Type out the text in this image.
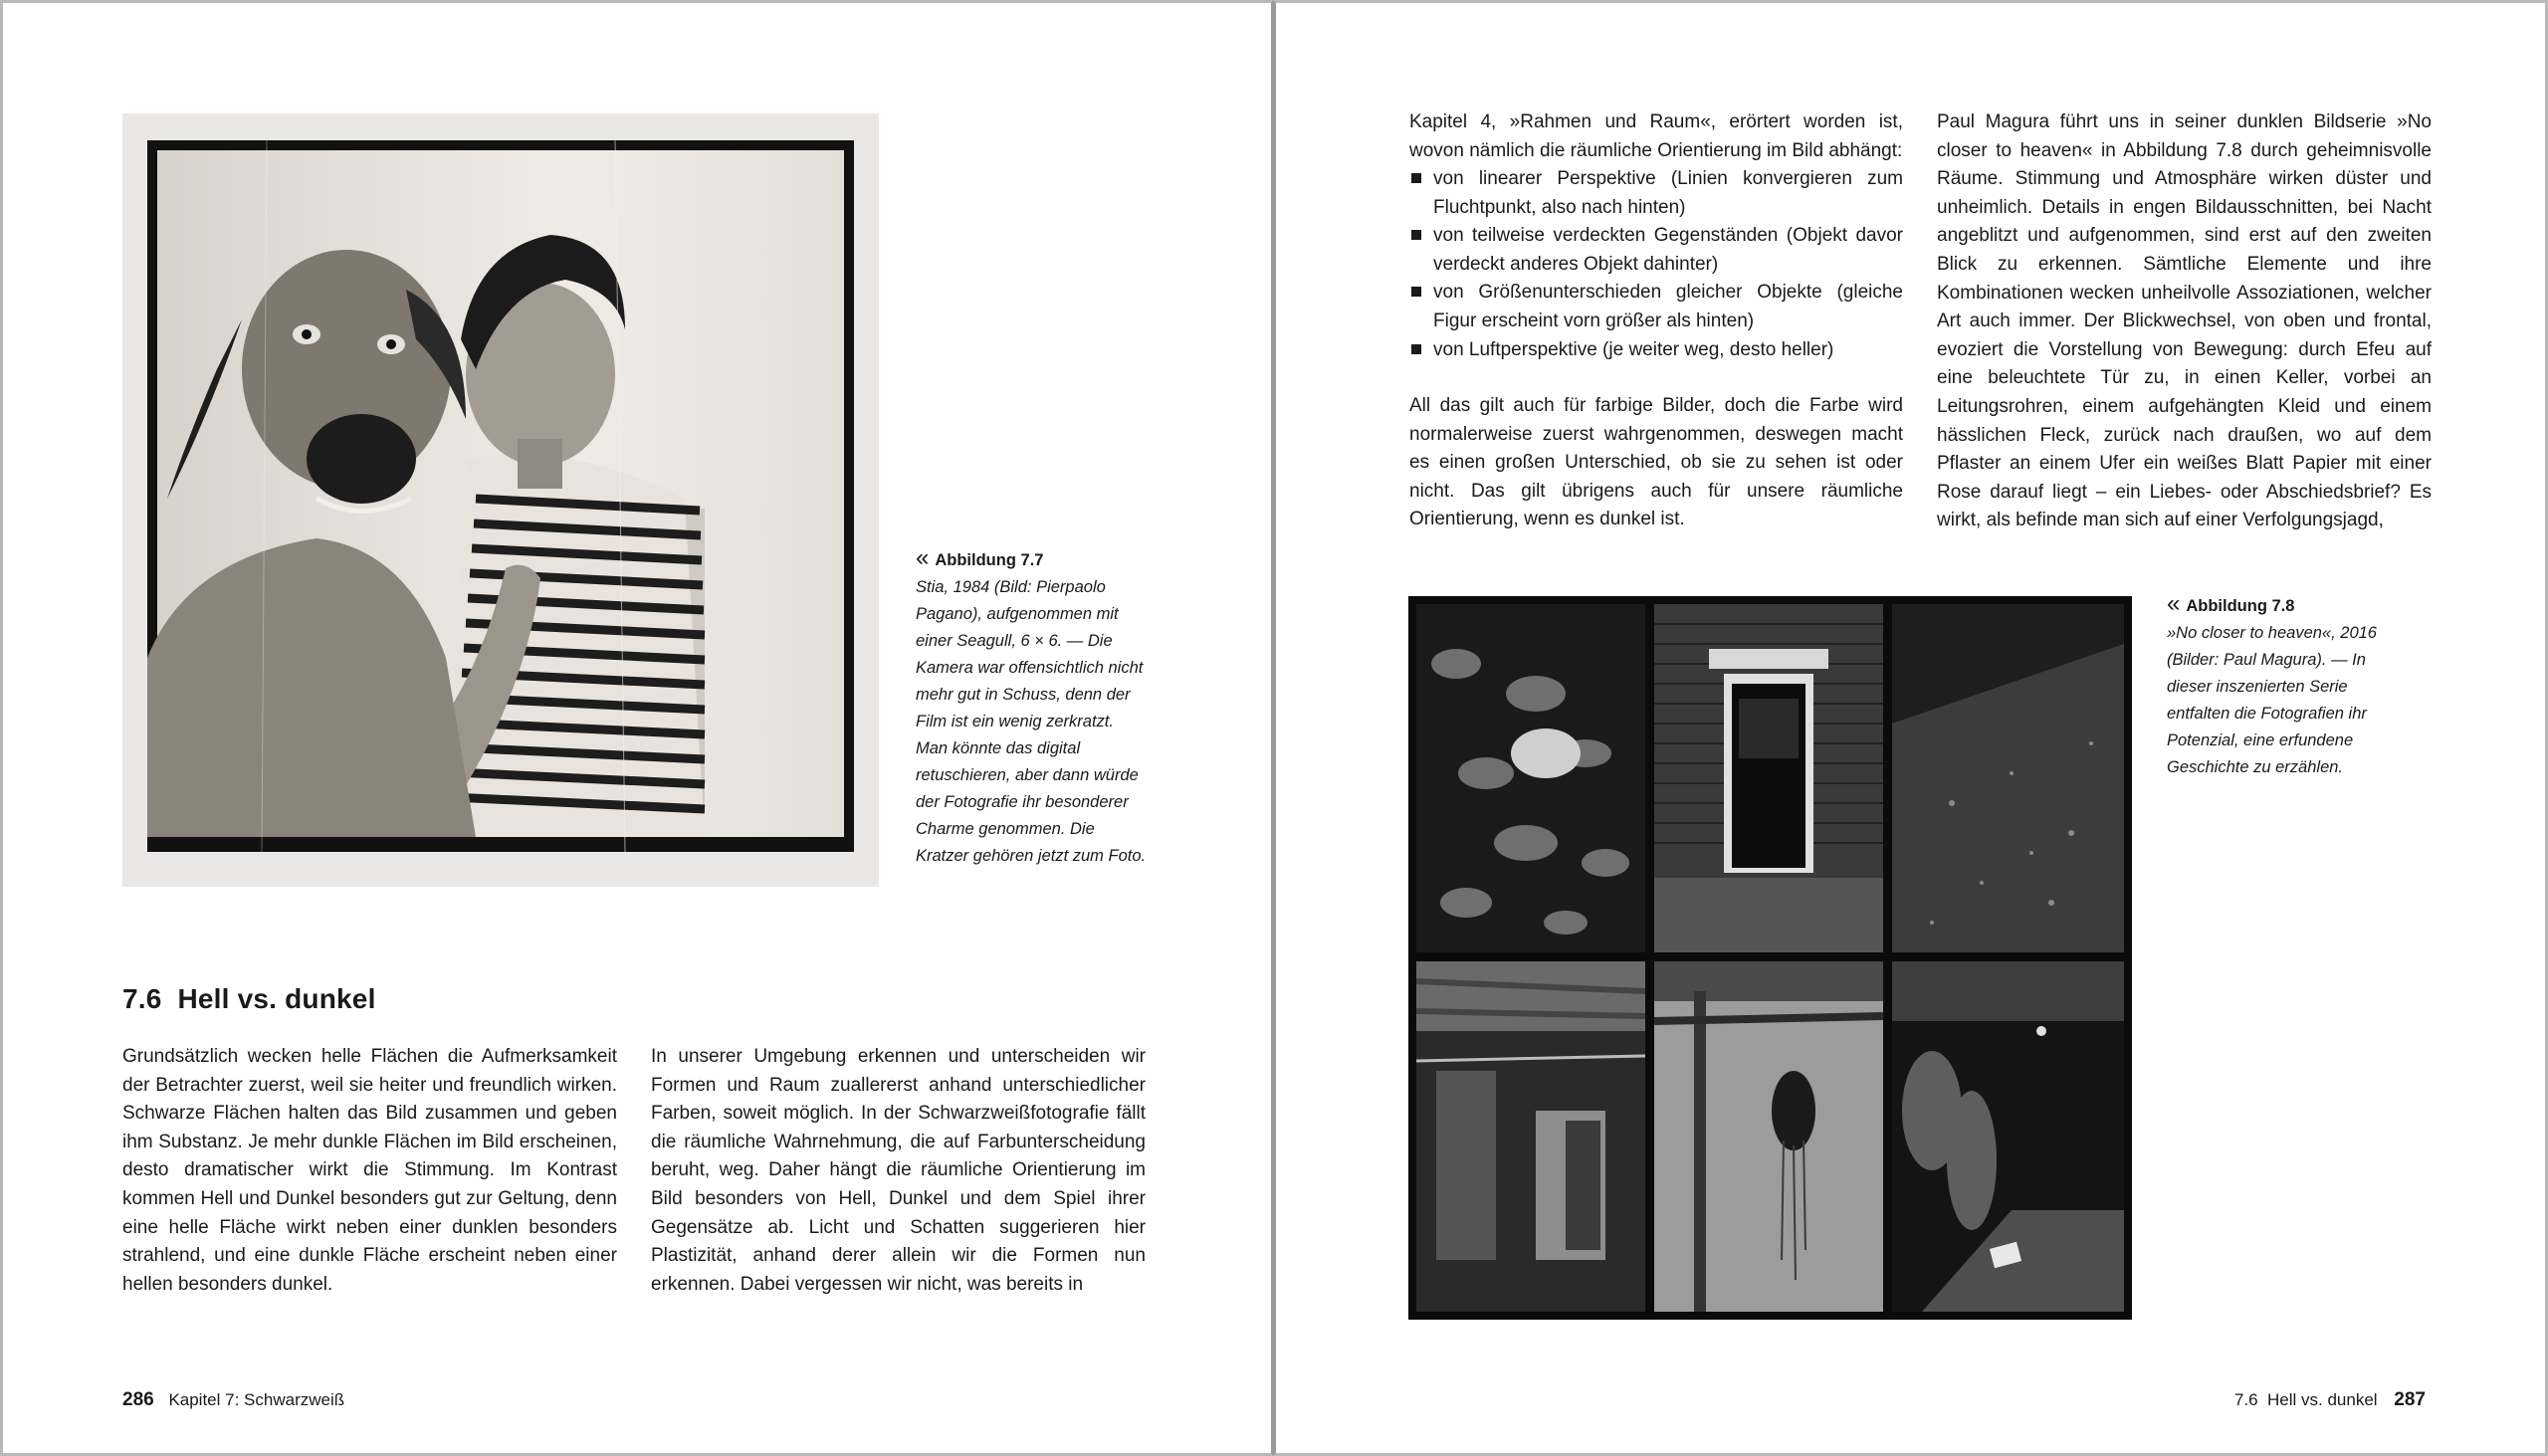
« Abbildung 7.7
Stia, 1984 (Bild: Pierpaolo Pagano), aufgenommen mit einer Seagull, 6 × 6. — Die Kamera war offensichtlich nicht mehr gut in Schuss, denn der Film ist ein wenig zerkratzt. Man könnte das digital retuschieren, aber dann würde der Fotografie ihr besonderer Charme genommen. Die Kratzer gehören jetzt zum Foto.
7.6  Hell vs. dunkel
Grundsätzlich wecken helle Flächen die Aufmerksamkeit der Betrachter zuerst, weil sie heiter und freundlich wirken. Schwarze Flächen halten das Bild zusammen und geben ihm Substanz. Je mehr dunkle Flächen im Bild erscheinen, desto dramatischer wirkt die Stimmung. Im Kontrast kommen Hell und Dunkel besonders gut zur Geltung, denn eine helle Fläche wirkt neben einer dunklen besonders strahlend, und eine dunkle Fläche erscheint neben einer hellen besonders dunkel.
In unserer Umgebung erkennen und unterscheiden wir Formen und Raum zuallererst anhand unterschiedlicher Farben, soweit möglich. In der Schwarzweißfotografie fällt die räumliche Wahrnehmung, die auf Farbunterscheidung beruht, weg. Daher hängt die räumliche Orientierung im Bild besonders von Hell, Dunkel und dem Spiel ihrer Gegensätze ab. Licht und Schatten suggerieren hier Plastizität, anhand derer allein wir die Formen nun erkennen. Dabei vergessen wir nicht, was bereits in
286 Kapitel 7: Schwarzweiß
Kapitel 4, »Rahmen und Raum«, erörtert worden ist, wovon nämlich die räumliche Orientierung im Bild abhängt:
von linearer Perspektive (Linien konvergieren zum Fluchtpunkt, also nach hinten)
von teilweise verdeckten Gegenständen (Objekt davor verdeckt anderes Objekt dahinter)
von Größenunterschieden gleicher Objekte (gleiche Figur erscheint vorn größer als hinten)
von Luftperspektive (je weiter weg, desto heller)
All das gilt auch für farbige Bilder, doch die Farbe wird normalerweise zuerst wahrgenommen, deswegen macht es einen großen Unterschied, ob sie zu sehen ist oder nicht. Das gilt übrigens auch für unsere räumliche Orientierung, wenn es dunkel ist.
Paul Magura führt uns in seiner dunklen Bildserie »No closer to heaven« in Abbildung 7.8 durch geheimnisvolle Räume. Stimmung und Atmosphäre wirken düster und unheimlich. Details in engen Bildausschnitten, bei Nacht angeblitzt und aufgenommen, sind erst auf den zweiten Blick zu erkennen. Sämtliche Elemente und ihre Kombinationen wecken unheilvolle Assoziationen, welcher Art auch immer. Der Blickwechsel, von oben und frontal, evoziert die Vorstellung von Bewegung: durch Efeu auf eine beleuchtete Tür zu, in einen Keller, vorbei an Leitungsrohren, einem aufgehängten Kleid und einem hässlichen Fleck, zurück nach draußen, wo auf dem Pflaster an einem Ufer ein weißes Blatt Papier mit einer Rose darauf liegt – ein Liebes- oder Abschiedsbrief? Es wirkt, als befinde man sich auf einer Verfolgungsjagd,
« Abbildung 7.8
»No closer to heaven«, 2016 (Bilder: Paul Magura). — In dieser inszenierten Serie entfalten die Fotografien ihr Potenzial, eine erfundene Geschichte zu erzählen.
7.6  Hell vs. dunkel 287
